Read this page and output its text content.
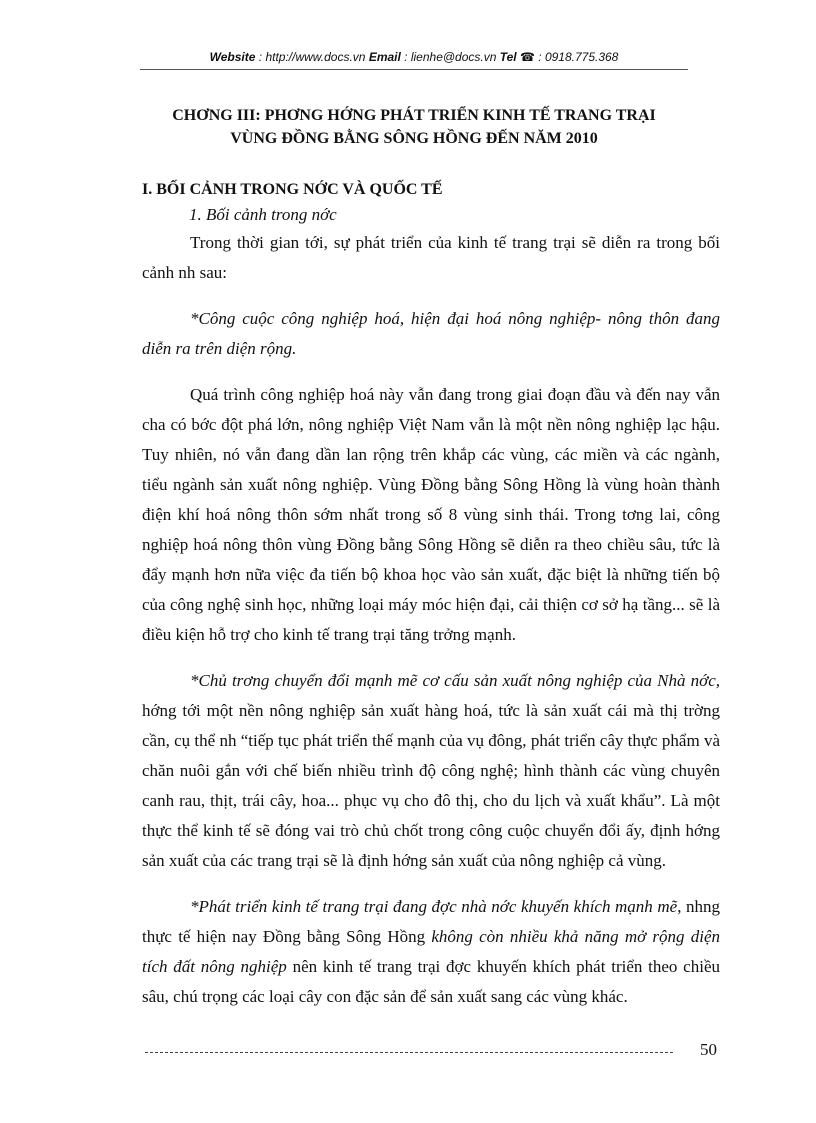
Website : http://www.docs.vn Email : lienhe@docs.vn Tel ☎ : 0918.775.368
CHƠNG III: PHƠNG HỚNG PHÁT TRIỂN KINH TẾ TRANG TRẠI
VÙNG ĐỒNG BẰNG SÔNG HỒNG ĐẾN NĂM 2010

I. BỐI CẢNH TRONG NỚC VÀ QUỐC TẾ

1. Bối cảnh trong nớc

Trong thời gian tới, sự phát triển của kinh tế trang trại sẽ diễn ra trong bối cảnh nh sau:

*Công cuộc công nghiệp hoá, hiện đại hoá nông nghiệp- nông thôn đang diễn ra trên diện rộng.

Quá trình công nghiệp hoá này vẫn đang trong giai đoạn đầu và đến nay vẫn cha có bớc đột phá lớn, nông nghiệp Việt Nam vẫn là một nền nông nghiệp lạc hậu. Tuy nhiên, nó vẫn đang dần lan rộng trên khắp các vùng, các miền và các ngành, tiểu ngành sản xuất nông nghiệp. Vùng Đồng bằng Sông Hồng là vùng hoàn thành điện khí hoá nông thôn sớm nhất trong số 8 vùng sinh thái. Trong tơng lai, công nghiệp hoá nông thôn vùng Đồng bằng Sông Hồng sẽ diễn ra theo chiều sâu, tức là đẩy mạnh hơn nữa việc đa tiến bộ khoa học vào sản xuất, đặc biệt là những tiến bộ của công nghệ sinh học, những loại máy móc hiện đại, cải thiện cơ sở hạ tầng... sẽ là điều kiện hỗ trợ cho kinh tế trang trại tăng trởng mạnh.

*Chủ trơng chuyển đổi mạnh mẽ cơ cấu sản xuất nông nghiệp của Nhà nớc, hớng tới một nền nông nghiệp sản xuất hàng hoá, tức là sản xuất cái mà thị trờng cần, cụ thể nh “tiếp tục phát triển thế mạnh của vụ đông, phát triển cây thực phẩm và chăn nuôi gắn với chế biến nhiều trình độ công nghệ; hình thành các vùng chuyên canh rau, thịt, trái cây, hoa... phục vụ cho đô thị, cho du lịch và xuất khẩu”. Là một thực thể kinh tế sẽ đóng vai trò chủ chốt trong công cuộc chuyển đổi ấy, định hớng sản xuất của các trang trại sẽ là định hớng sản xuất của nông nghiệp cả vùng.

*Phát triển kinh tế trang trại đang đợc nhà nớc khuyến khích mạnh mẽ, nhng thực tế hiện nay Đồng bằng Sông Hồng không còn nhiều khả năng mở rộng diện tích đất nông nghiệp nên kinh tế trang trại đợc khuyến khích phát triển theo chiều sâu, chú trọng các loại cây con đặc sản để sản xuất sang các vùng khác.

50
